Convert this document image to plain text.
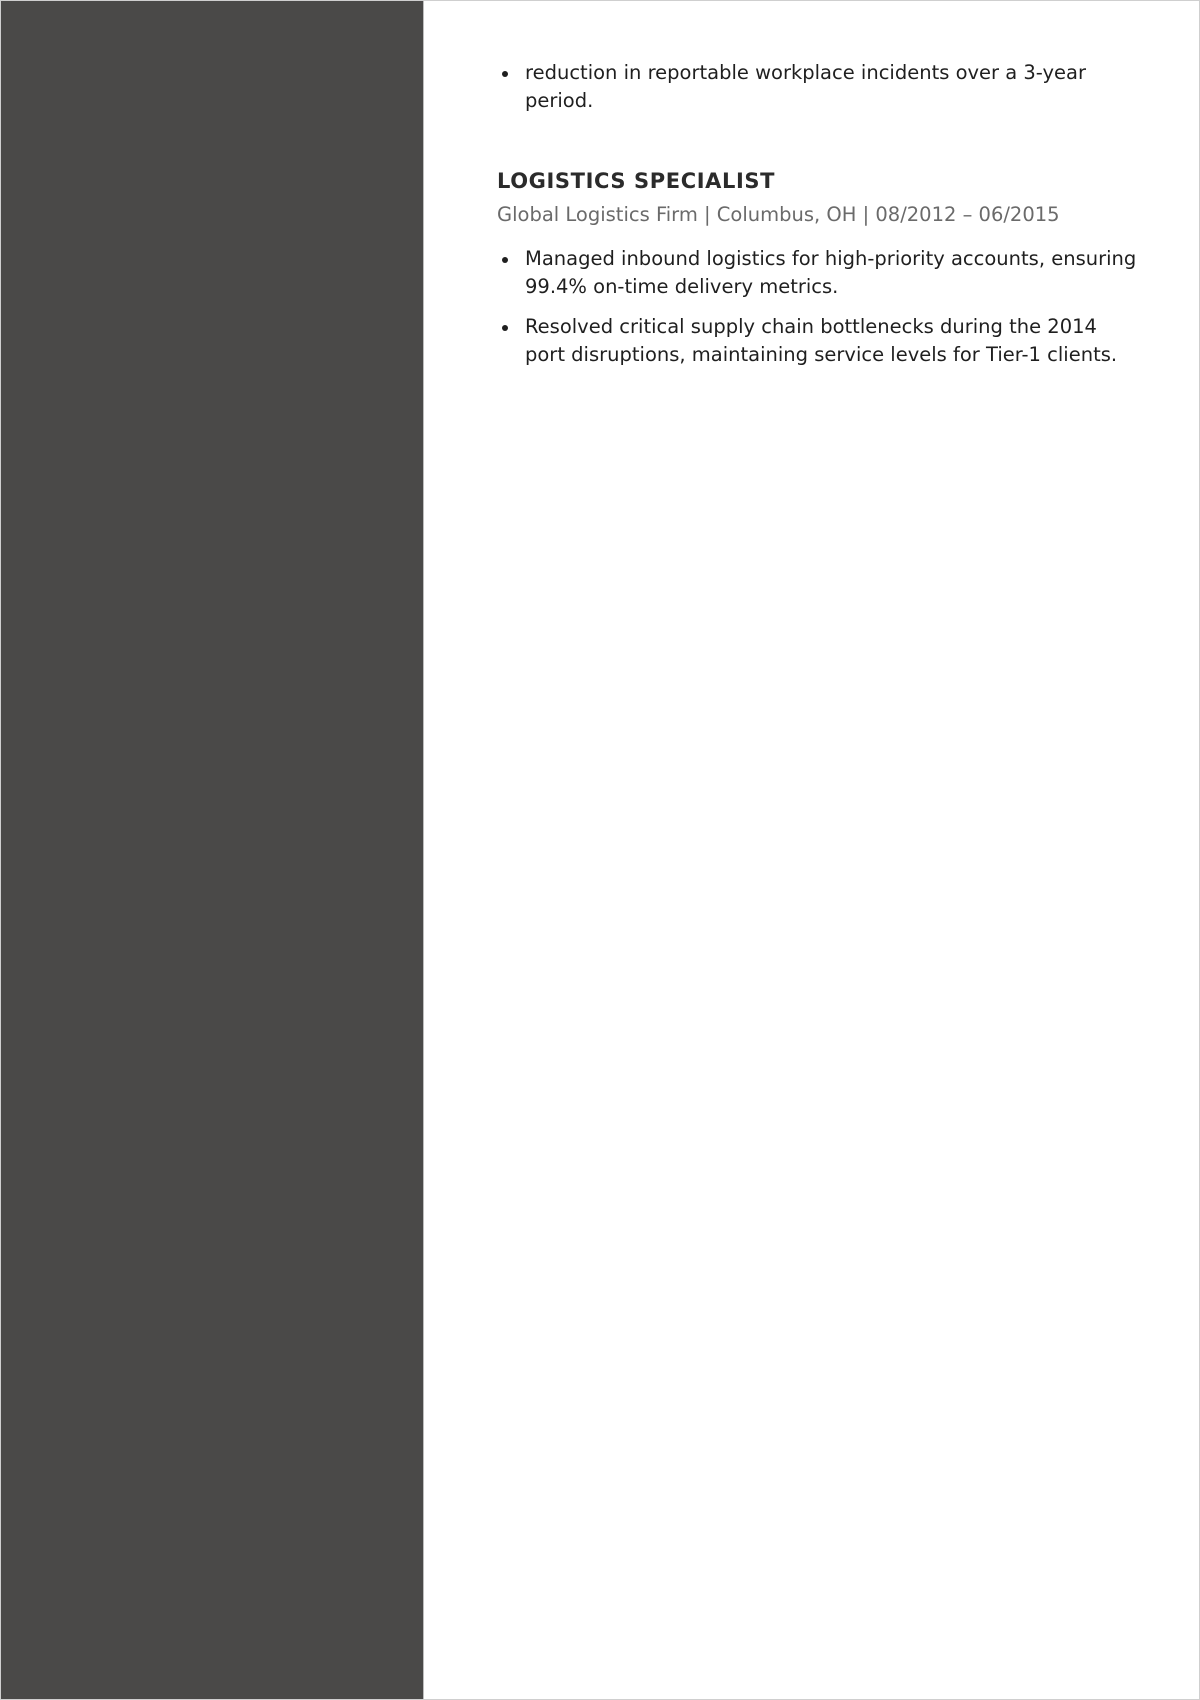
reduction in reportable workplace incidents over a 3-year period.
LOGISTICS SPECIALIST
Global Logistics Firm | Columbus, OH | 08/2012 – 06/2015
Managed inbound logistics for high-priority accounts, ensuring 99.4% on-time delivery metrics.
Resolved critical supply chain bottlenecks during the 2014 port disruptions, maintaining service levels for Tier-1 clients.
